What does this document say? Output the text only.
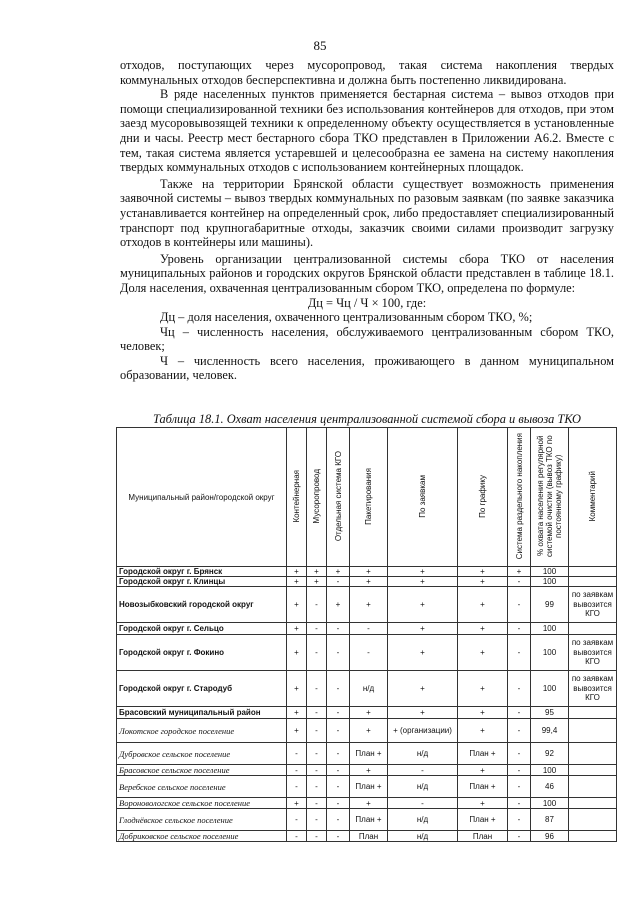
85

отходов, поступающих через мусоропровод, такая система накопления твердых коммунальных отходов бесперспективна и должна быть постепенно ликвидирована.

В ряде населенных пунктов применяется бестарная система – вывоз отходов при помощи специализированной техники без использования контейнеров для отходов, при этом заезд мусоровывозящей техники к определенному объекту осуществляется в установленные дни и часы. Реестр мест бестарного сбора ТКО представлен в Приложении А6.2. Вместе с тем, такая система является устаревшей и целесообразна ее замена на систему накопления твердых коммунальных отходов с использованием контейнерных площадок.

Также на территории Брянской области существует возможность применения заявочной системы – вывоз твердых коммунальных по разовым заявкам (по заявке заказчика устанавливается контейнер на определенный срок, либо предоставляет специализированный транспорт под крупногабаритные отходы, заказчик своими силами производит загрузку отходов в контейнеры или машины).

Уровень организации централизованной системы сбора ТКО от населения муниципальных районов и городских округов Брянской области представлен в таблице 18.1. Доля населения, охваченная централизованным сбором ТКО, определена по формуле:

Дц = Чц / Ч × 100, где:

Дц – доля населения, охваченного централизованным сбором ТКО, %;

Чц – численность населения, обслуживаемого централизованным сбором ТКО, человек;

Ч – численность всего населения, проживающего в данном муниципальном образовании, человек.

Таблица 18.1. Охват населения централизованной системой сбора и вывоза ТКО
Муниципальный район/городской округ	Контейнерная	Мусоропровод	Отдельная система КГО	Пакетирования	По заявкам	По графику	Система раздельного накопления	% охвата населения регулярной системой очистки (вывоз ТКО по постоянному графику)	Комментарий
Городской округ г. Брянск	+	+	+	+	+	+	+	100	
Городской округ г. Клинцы	+	+	-	+	+	+	-	100	
Новозыбковский городской округ	+	-	+	+	+	+	-	99	по заявкам вывозится КГО
Городской округ г. Сельцо	+	-	-	-	+	+	-	100	
Городской округ г. Фокино	+	-	-	-	+	+	-	100	по заявкам вывозится КГО
Городской округ г. Стародуб	+	-	-	н/д	+	+	-	100	по заявкам вывозится КГО
Брасовский муниципальный район	+	-	-	+	+	+	-	95	
Локотское городское поселение	+	-	-	+	+ (организации)	+	-	99,4	
Дубровское сельское поселение	-	-	-	План +	н/д	План +	-	92	
Брасовское сельское поселение	-	-	-	+	-	+	-	100	
Веребское сельское поселение	-	-	-	План +	н/д	План +	-	46	
Вороновологское сельское поселение	+	-	-	+	-	+	-	100	
Глоднёвское сельское поселение	-	-	-	План +	н/д	План +	-	87	
Добриковское сельское поселение	-	-	-	План	н/д	План	-	96	
